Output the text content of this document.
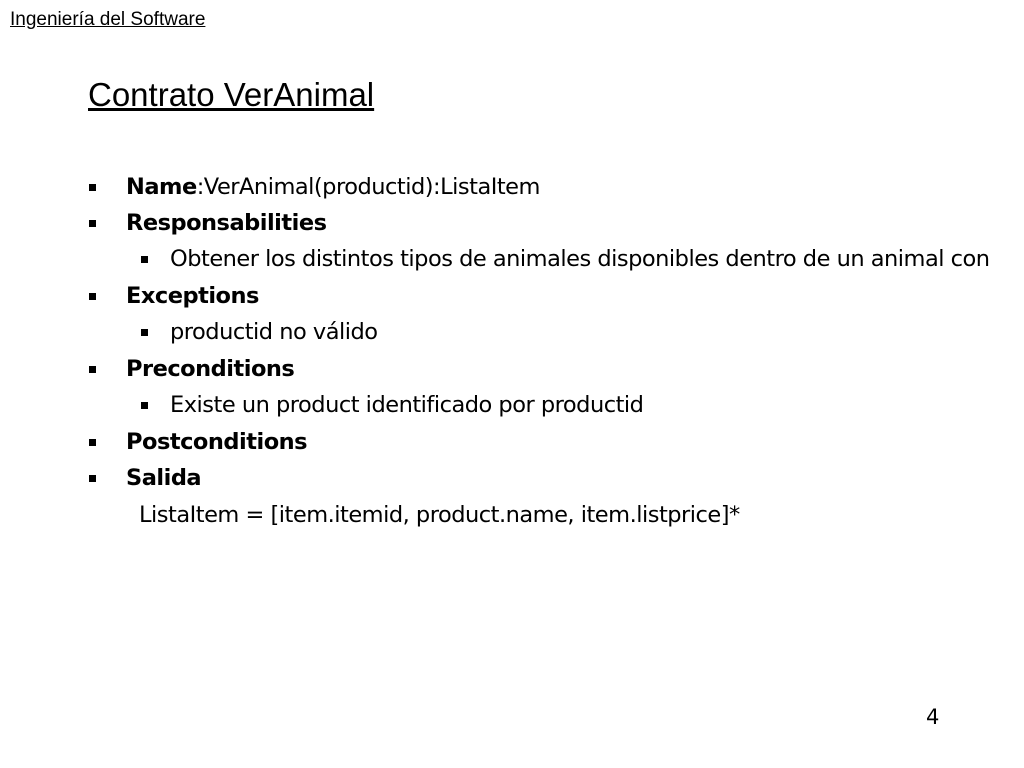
Ingeniería del Software
Contrato VerAnimal
Name:VerAnimal(productid):ListaItem
Responsabilities
Obtener los distintos tipos de animales disponibles dentro de un animal con
Exceptions
productid no válido
Preconditions
Existe un product identificado por productid
Postconditions
Salida
ListaItem = [item.itemid, product.name, item.listprice]*
4
